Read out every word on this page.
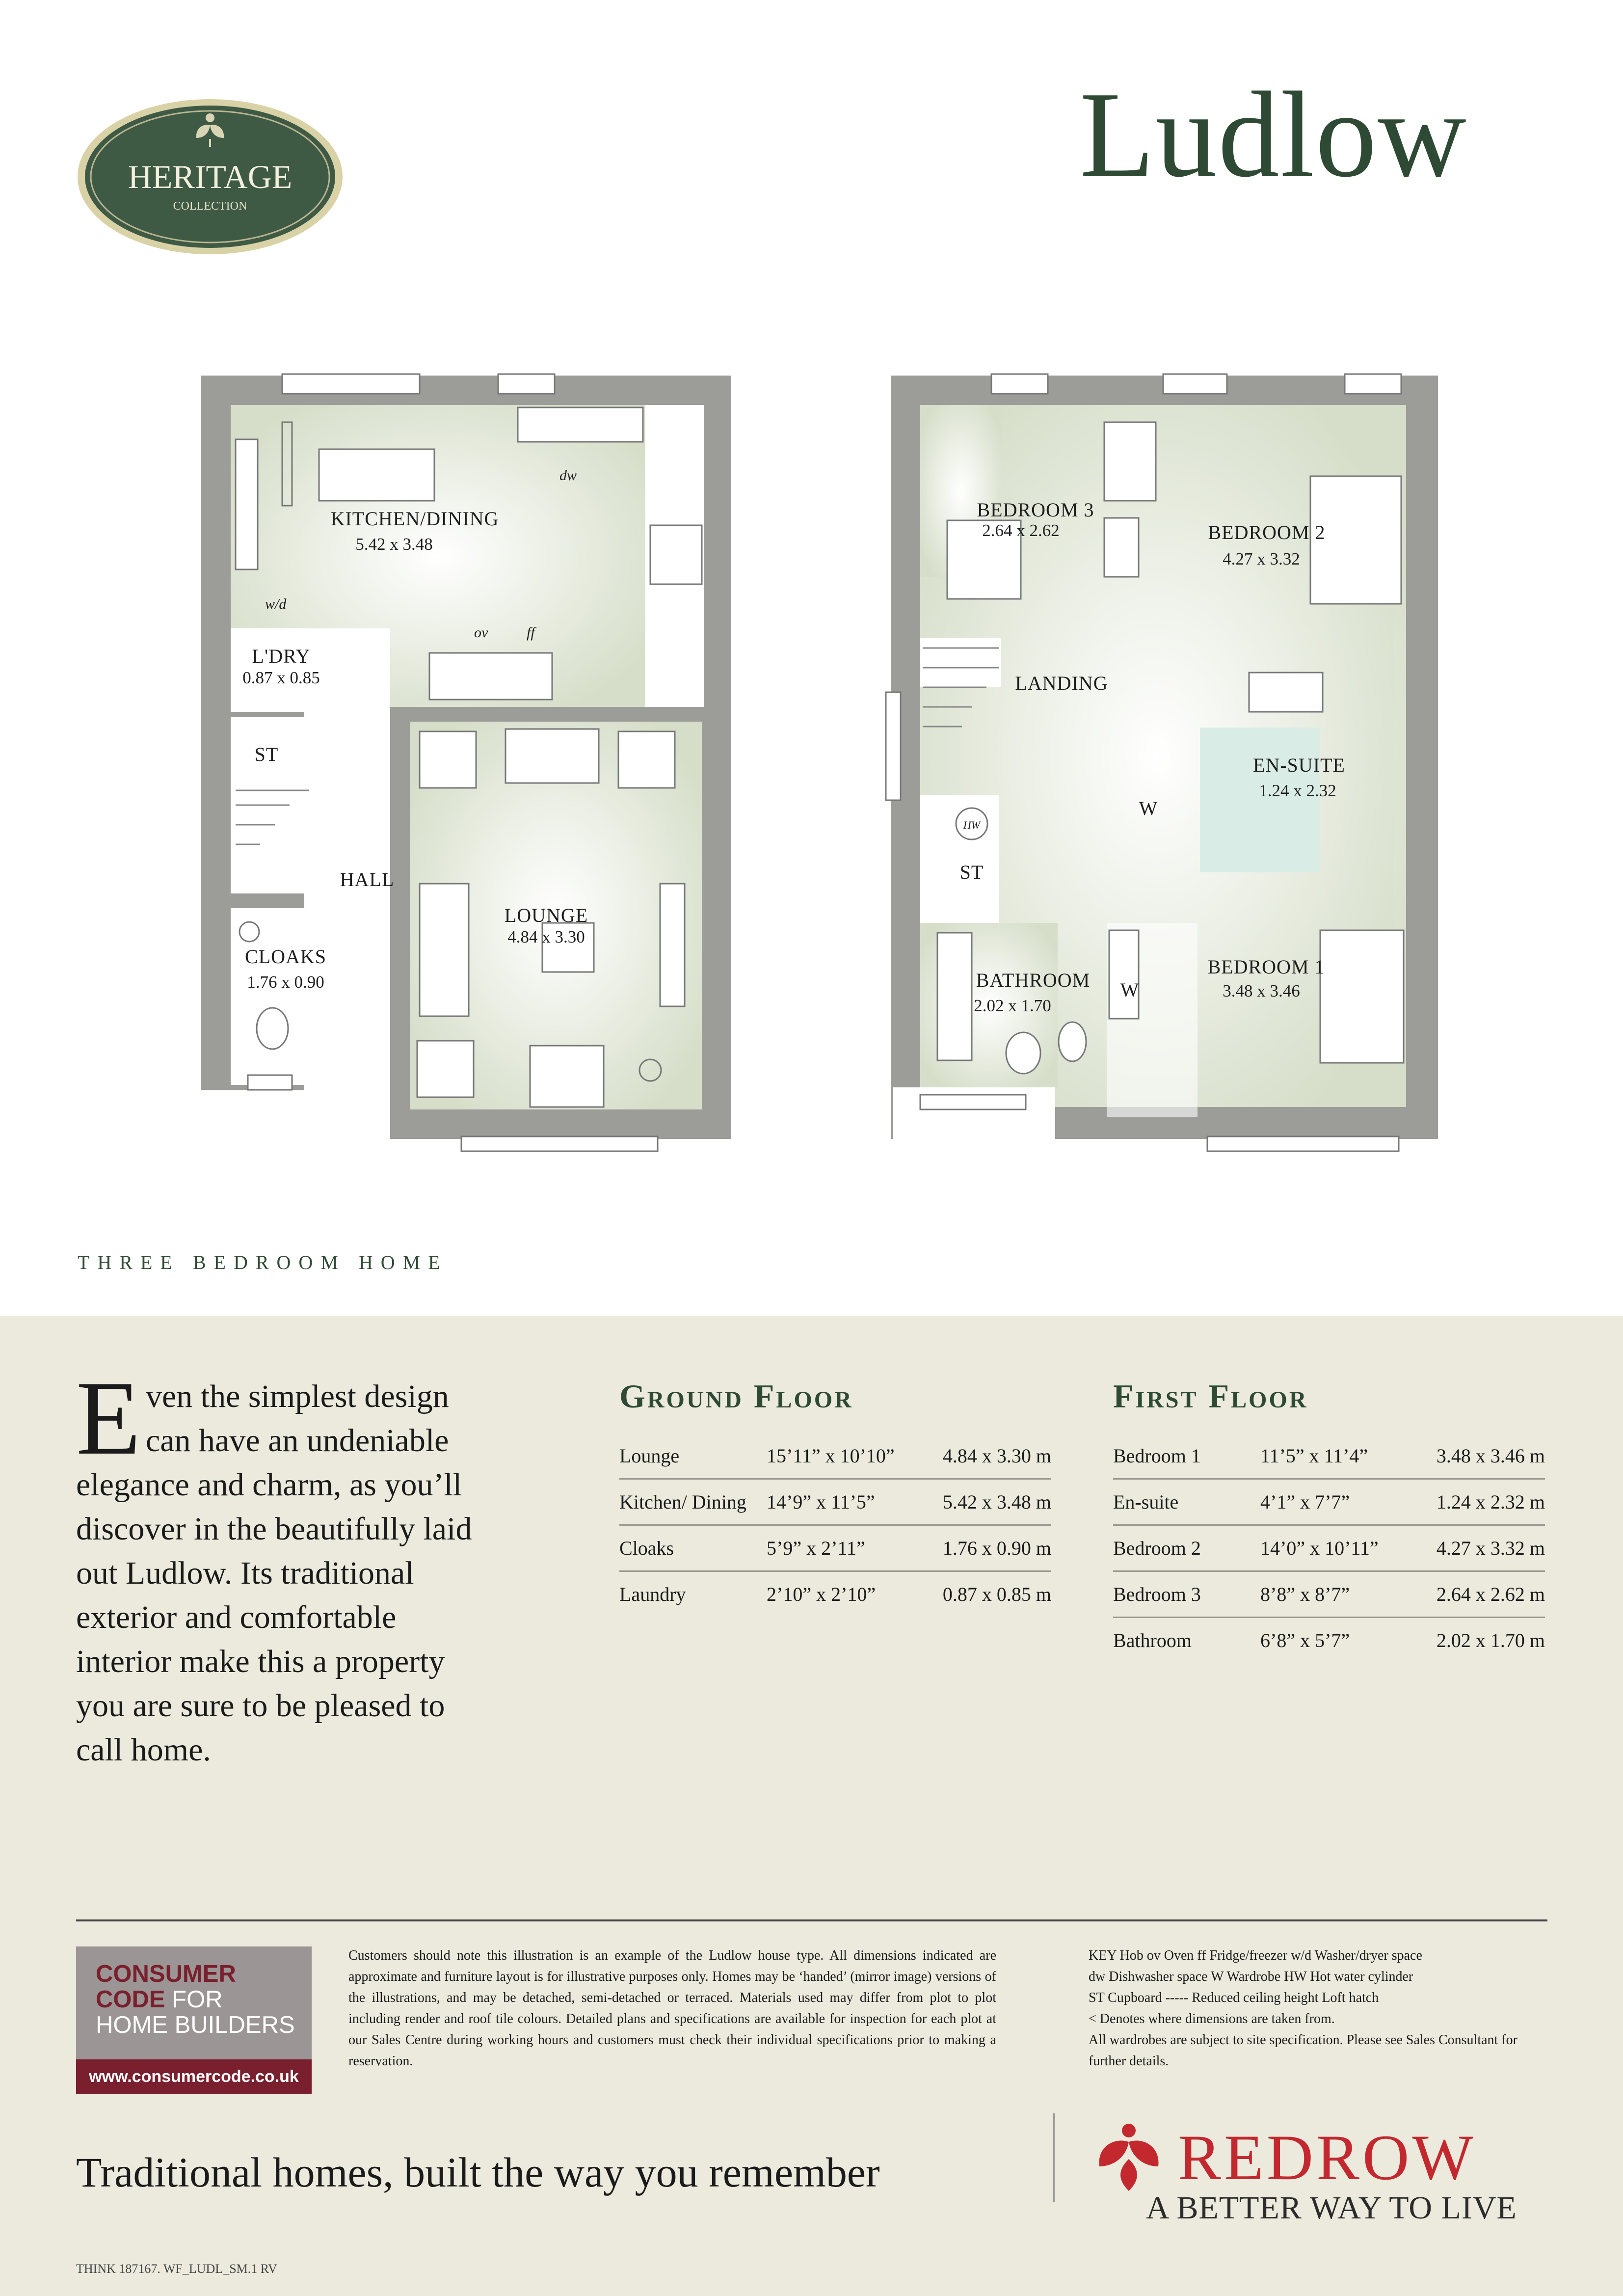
HERITAGE
COLLECTION
Ludlow
KITCHEN/DINING
5.42 x 3.48
L'DRY
0.87 x 0.85
ST
HALL
LOUNGE
4.84 x 3.30
CLOAKS
1.76 x 0.90
w/d
ov	ff
dw
BEDROOM 3
2.64 x 2.62	BEDROOM 2
4.27 x 3.32
LANDING
EN-SUITE
1.24 x 2.32
W
HW
ST
BATHROOM
2.02 x 1.70
W
BEDROOM 1
3.48 x 3.46
THREE BEDROOM HOME
Even the simplest design can have an undeniable elegance and charm, as you’ll discover in the beautifully laid out Ludlow. Its traditional exterior and comfortable interior make this a property you are sure to be pleased to call home.
Ground Floor
Lounge	15’11” x 10’10”	4.84 x 3.30 m
Kitchen/ Dining	14’9” x 11’5”	5.42 x 3.48 m
Cloaks	5’9” x 2’11”	1.76 x 0.90 m
Laundry	2’10” x 2’10”	0.87 x 0.85 m
First Floor
Bedroom 1	11’5” x 11’4”	3.48 x 3.46 m
En-suite	4’1” x 7’7”	1.24 x 2.32 m
Bedroom 2	14’0” x 10’11”	4.27 x 3.32 m
Bedroom 3	8’8” x 8’7”	2.64 x 2.62 m
Bathroom	6’8” x 5’7”	2.02 x 1.70 m
CONSUMER
CODE FOR
HOME BUILDERS
www.consumercode.co.uk
Customers should note this illustration is an example of the Ludlow house type. All dimensions indicated are approximate and furniture layout is for illustrative purposes only. Homes may be ‘handed’ (mirror image) versions of the illustrations, and may be detached, semi-detached or terraced. Materials used may differ from plot to plot including render and roof tile colours. Detailed plans and specifications are available for inspection for each plot at our Sales Centre during working hours and customers must check their individual specifications prior to making a reservation.
KEY Hob ov Oven ff Fridge/freezer w/d Washer/dryer space
dw Dishwasher space W Wardrobe HW Hot water cylinder
ST Cupboard ----- Reduced ceiling height Loft hatch
< Denotes where dimensions are taken from.
All wardrobes are subject to site specification. Please see Sales Consultant for further details.
Traditional homes, built the way you remember	REDROW
A BETTER WAY TO LIVE
THINK 187167. WF_LUDL_SM.1 RV
